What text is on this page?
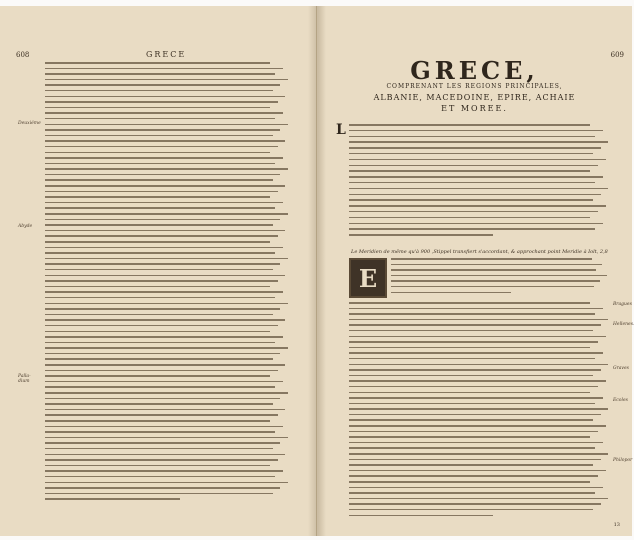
608	GRECE
Deuxiéme
Abyde
Palla-dium
609
GRECE,
COMPRENANT LES REGIONS PRINCIPALES,
ALBANIE, MACEDOINE, EPIRE, ACHAIE
ET MOREE.
L
Le Meridien de même qu'à 900 ,Stippel transfiert s'accordant, & approchant point Meridie à Iolt, 2,8
E
Bragues
Hellenes.
Graves
Ecoles
Philopor
13
